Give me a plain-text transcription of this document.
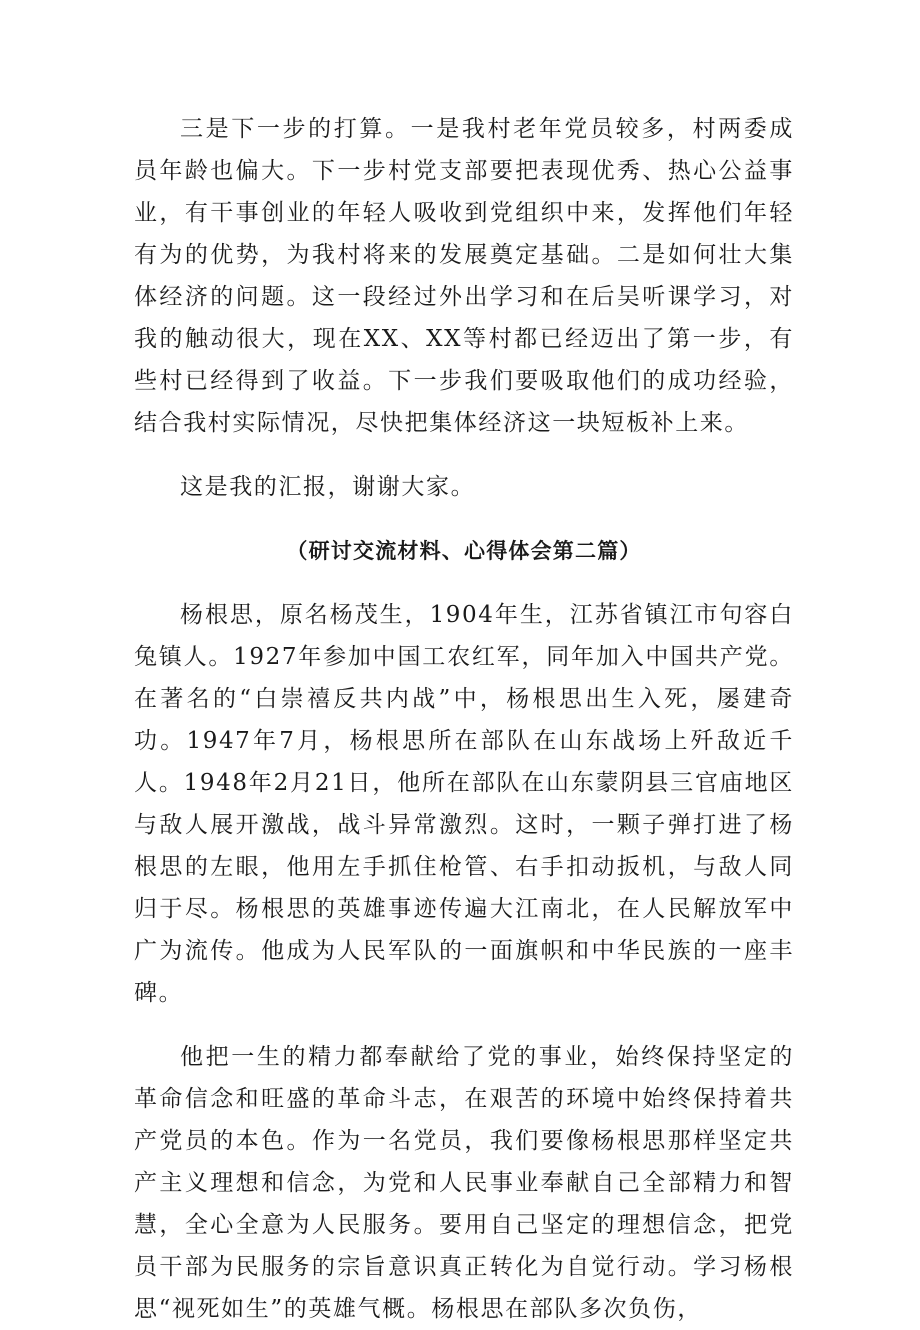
三是下一步的打算。一是我村老年党员较多，村两委成员年龄也偏大。下一步村党支部要把表现优秀、热心公益事业，有干事创业的年轻人吸收到党组织中来，发挥他们年轻有为的优势，为我村将来的发展奠定基础。二是如何壮大集体经济的问题。这一段经过外出学习和在后吴听课学习，对我的触动很大，现在XX、XX等村都已经迈出了第一步，有些村已经得到了收益。下一步我们要吸取他们的成功经验，结合我村实际情况，尽快把集体经济这一块短板补上来。

这是我的汇报，谢谢大家。

（研讨交流材料、心得体会第二篇）

杨根思，原名杨茂生，1904年生，江苏省镇江市句容白兔镇人。1927年参加中国工农红军，同年加入中国共产党。在著名的“白崇禧反共内战”中，杨根思出生入死，屡建奇功。1947年7月，杨根思所在部队在山东战场上歼敌近千人。1948年2月21日，他所在部队在山东蒙阴县三官庙地区与敌人展开激战，战斗异常激烈。这时，一颗子弹打进了杨根思的左眼，他用左手抓住枪管、右手扣动扳机，与敌人同归于尽。杨根思的英雄事迹传遍大江南北，在人民解放军中广为流传。他成为人民军队的一面旗帜和中华民族的一座丰碑。

他把一生的精力都奉献给了党的事业，始终保持坚定的革命信念和旺盛的革命斗志，在艰苦的环境中始终保持着共产党员的本色。作为一名党员，我们要像杨根思那样坚定共产主义理想和信念，为党和人民事业奉献自己全部精力和智慧，全心全意为人民服务。要用自己坚定的理想信念，把党员干部为民服务的宗旨意识真正转化为自觉行动。学习杨根思“视死如生”的英雄气概。杨根思在部队多次负伤，
